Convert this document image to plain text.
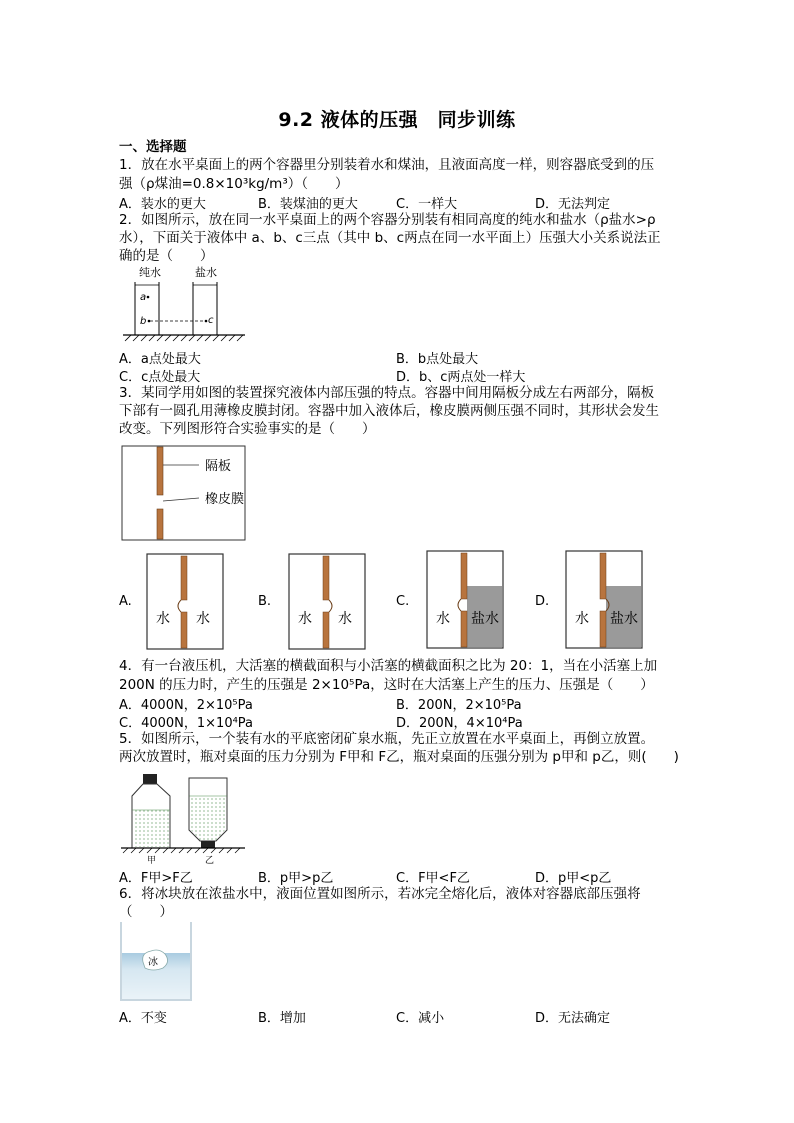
9.2 液体的压强　同步训练
一、选择题
1．放在水平桌面上的两个容器里分别装着水和煤油，且液面高度一样，则容器底受到的压
强（ρ煤油=0.8×10³kg/m³）（　　）
A．装水的更大	B．装煤油的更大	C．一样大	D．无法判定
2．如图所示，放在同一水平桌面上的两个容器分别装有相同高度的纯水和盐水（ρ盐水>ρ
水），下面关于液体中 a、b、c三点（其中 b、c两点在同一水平面上）压强大小关系说法正
确的是（　　）
纯水	盐水
a
b	c
A．a点处最大	B．b点处最大
C．c点处最大	D．b、c两点处一样大
3．某同学用如图的装置探究液体内部压强的特点。容器中间用隔板分成左右两部分，隔板
下部有一圆孔用薄橡皮膜封闭。容器中加入液体后，橡皮膜两侧压强不同时，其形状会发生
改变。下列图形符合实验事实的是（　　）
隔板
橡皮膜
A.
水 水
B.
水 水
C.
水 盐水
D.
水 盐水
4．有一台液压机，大活塞的横截面积与小活塞的横截面积之比为 20：1，当在小活塞上加
200N 的压力时，产生的压强是 2×10⁵Pa，这时在大活塞上产生的压力、压强是（　　）
A．4000N，2×10⁵Pa	B．200N，2×10⁵Pa
C．4000N，1×10⁴Pa	D．200N，4×10⁴Pa
5．如图所示，一个装有水的平底密闭矿泉水瓶，先正立放置在水平桌面上，再倒立放置。
两次放置时，瓶对桌面的压力分别为 F甲和 F乙，瓶对桌面的压强分别为 p甲和 p乙，则(　　)
甲	乙
A．F甲>F乙	B．p甲>p乙	C．F甲<F乙	D．p甲<p乙
6．将冰块放在浓盐水中，液面位置如图所示，若冰完全熔化后，液体对容器底部压强将
（　　）
冰
A．不变	B．增加	C．减小	D．无法确定
